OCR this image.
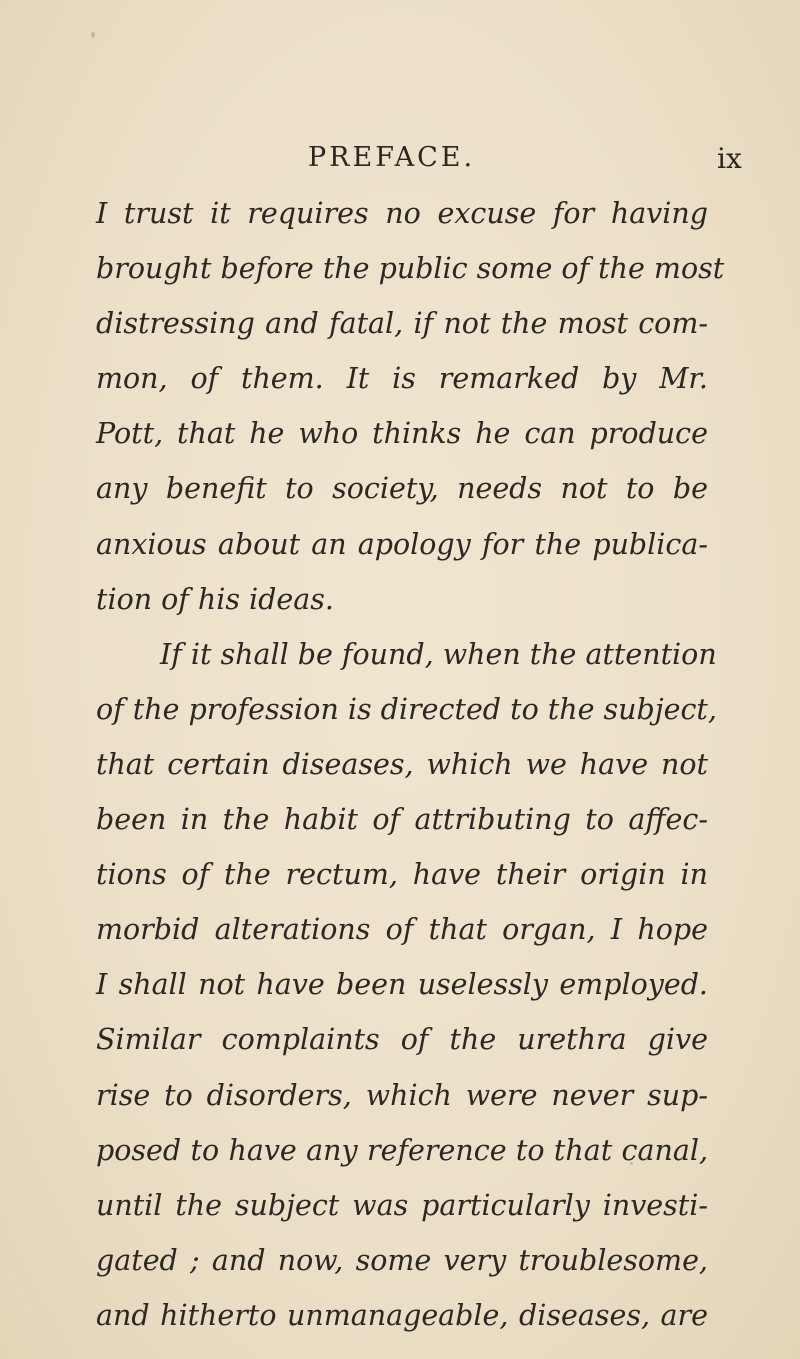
PREFACE.	ix
I trust it requires no excuse for having
brought before the public some of the most
distressing and fatal, if not the most com-
mon, of them. It is remarked by Mr.
Pott, that he who thinks he can produce
any benefit to society, needs not to be
anxious about an apology for the publica-
tion of his ideas.
If it shall be found, when the attention
of the profession is directed to the subject,
that certain diseases, which we have not
been in the habit of attributing to affec-
tions of the rectum, have their origin in
morbid alterations of that organ, I hope
I shall not have been uselessly employed.
Similar complaints of the urethra give
rise to disorders, which were never sup-
posed to have any reference to that canal,
until the subject was particularly investi-
gated ; and now, some very troublesome,
and hitherto unmanageable, diseases, are
